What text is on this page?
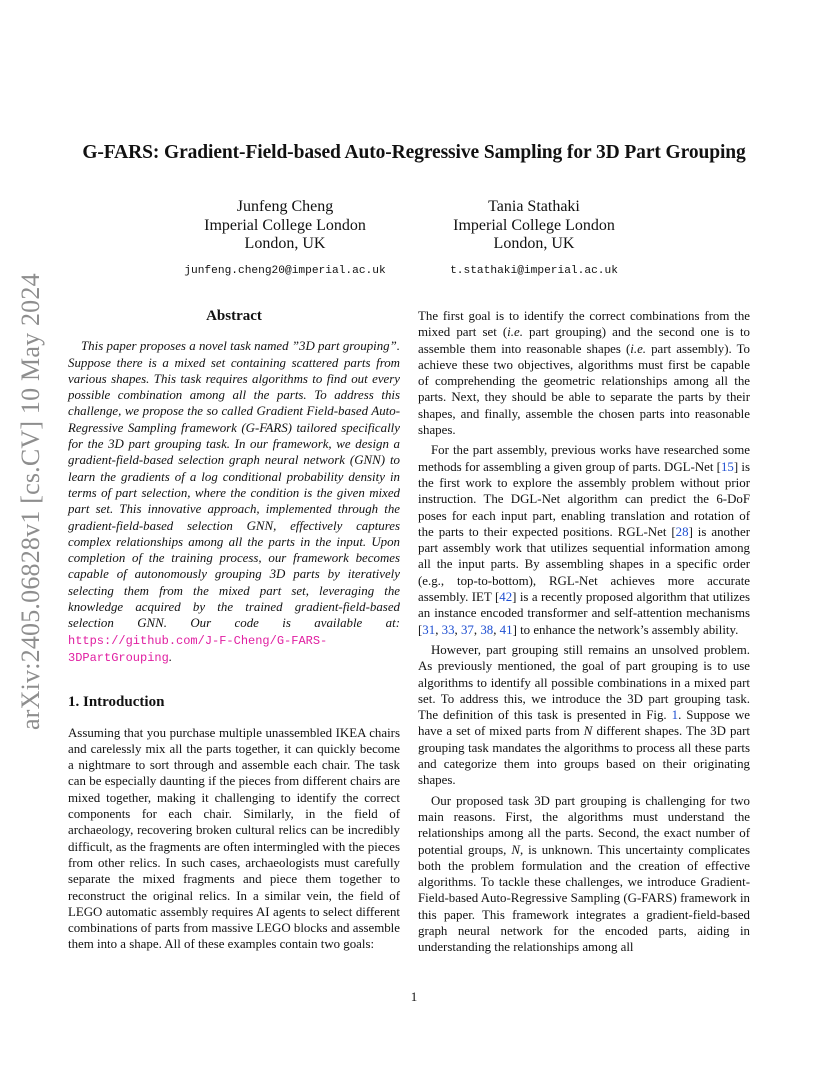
arXiv:2405.06828v1 [cs.CV] 10 May 2024
G-FARS: Gradient-Field-based Auto-Regressive Sampling for 3D Part Grouping
Junfeng Cheng
Imperial College London
London, UK
junfeng.cheng20@imperial.ac.uk
Tania Stathaki
Imperial College London
London, UK
t.stathaki@imperial.ac.uk
Abstract

This paper proposes a novel task named ”3D part grouping”. Suppose there is a mixed set containing scattered parts from various shapes. This task requires algorithms to find out every possible combination among all the parts. To address this challenge, we propose the so called Gradient Field-based Auto-Regressive Sampling framework (G-FARS) tailored specifically for the 3D part grouping task. In our framework, we design a gradient-field-based selection graph neural network (GNN) to learn the gradients of a log conditional probability density in terms of part selection, where the condition is the given mixed part set. This innovative approach, implemented through the gradient-field-based selection GNN, effectively captures complex relationships among all the parts in the input. Upon completion of the training process, our framework becomes capable of autonomously grouping 3D parts by iteratively selecting them from the mixed part set, leveraging the knowledge acquired by the trained gradient-field-based selection GNN. Our code is available at: https://github.com/J-F-Cheng/G-FARS-3DPartGrouping.

1. Introduction

Assuming that you purchase multiple unassembled IKEA chairs and carelessly mix all the parts together, it can quickly become a nightmare to sort through and assemble each chair. The task can be especially daunting if the pieces from different chairs are mixed together, making it challenging to identify the correct components for each chair. Similarly, in the field of archaeology, recovering broken cultural relics can be incredibly difficult, as the fragments are often intermingled with the pieces from other relics. In such cases, archaeologists must carefully separate the mixed fragments and piece them together to reconstruct the original relics. In a similar vein, the field of LEGO automatic assembly requires AI agents to select different combinations of parts from massive LEGO blocks and assemble them into a shape. All of these examples contain two goals:

The first goal is to identify the correct combinations from the mixed part set (i.e. part grouping) and the second one is to assemble them into reasonable shapes (i.e. part assembly). To achieve these two objectives, algorithms must first be capable of comprehending the geometric relationships among all the parts. Next, they should be able to separate the parts by their shapes, and finally, assemble the chosen parts into reasonable shapes.

For the part assembly, previous works have researched some methods for assembling a given group of parts. DGL-Net [15] is the first work to explore the assembly problem without prior instruction. The DGL-Net algorithm can predict the 6-DoF poses for each input part, enabling translation and rotation of the parts to their expected positions. RGL-Net [28] is another part assembly work that utilizes sequential information among all the input parts. By assembling shapes in a specific order (e.g., top-to-bottom), RGL-Net achieves more accurate assembly. IET [42] is a recently proposed algorithm that utilizes an instance encoded transformer and self-attention mechanisms [31, 33, 37, 38, 41] to enhance the network’s assembly ability.

However, part grouping still remains an unsolved problem. As previously mentioned, the goal of part grouping is to use algorithms to identify all possible combinations in a mixed part set. To address this, we introduce the 3D part grouping task. The definition of this task is presented in Fig. 1. Suppose we have a set of mixed parts from N different shapes. The 3D part grouping task mandates the algorithms to process all these parts and categorize them into groups based on their originating shapes.

Our proposed task 3D part grouping is challenging for two main reasons. First, the algorithms must understand the relationships among all the parts. Second, the exact number of potential groups, N, is unknown. This uncertainty complicates both the problem formulation and the creation of effective algorithms. To tackle these challenges, we introduce Gradient-Field-based Auto-Regressive Sampling (G-FARS) framework in this paper. This framework integrates a gradient-field-based graph neural network for the encoded parts, aiding in understanding the relationships among all

1
